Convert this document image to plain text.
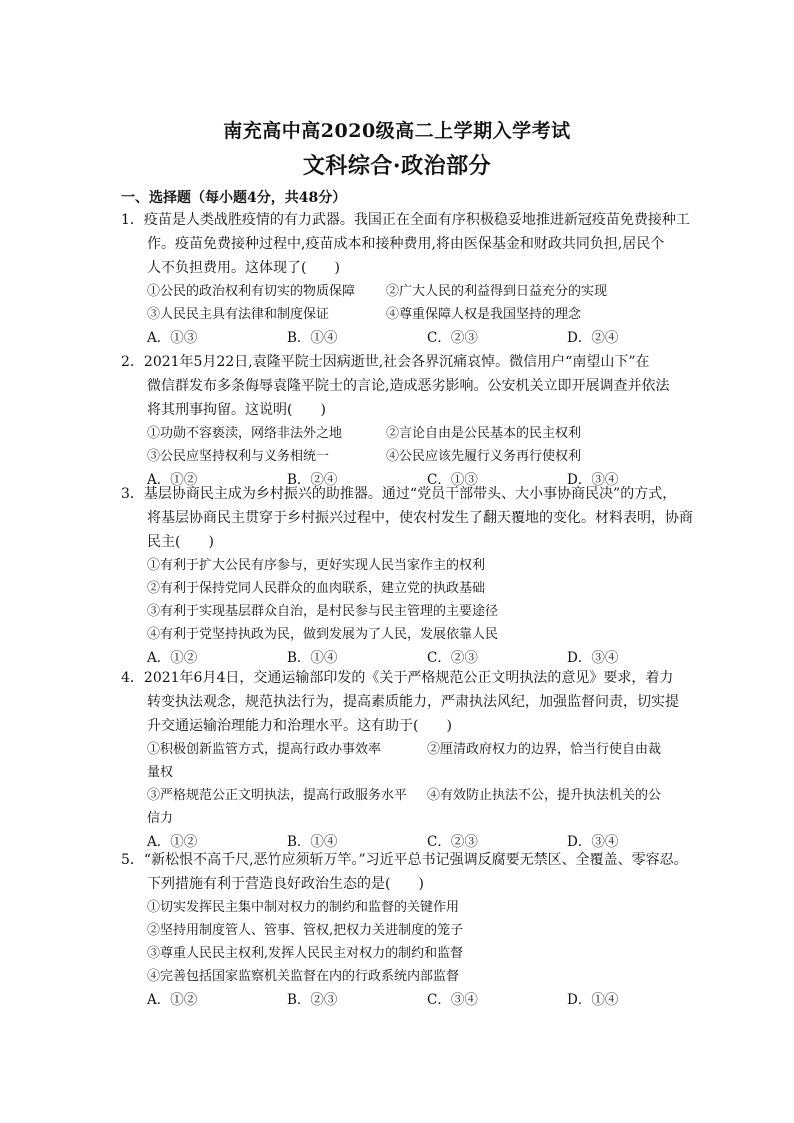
南充高中高2020级高二上学期入学考试
文科综合·政治部分
一、选择题（每小题4分，共48分）
1．疫苗是人类战胜疫情的有力武器。我国正在全面有序积极稳妥地推进新冠疫苗免费接种工
作。疫苗免费接种过程中,疫苗成本和接种费用,将由医保基金和财政共同负担,居民个
人不负担费用。这体现了(　　)
①公民的政治权利有切实的物质保障 ②广大人民的利益得到日益充分的实现
③人民民主具有法律和制度保证	④尊重保障人权是我国坚持的理念
A．①③	B．①④	C．②③	D．②④
2．2021年5月22日,袁隆平院士因病逝世,社会各界沉痛哀悼。微信用户“南望山下”在
微信群发布多条侮辱袁隆平院士的言论,造成恶劣影响。公安机关立即开展调查并依法
将其刑事拘留。这说明(　　)
①功勋不容亵渎，网络非法外之地	②言论自由是公民基本的民主权利
③公民应坚持权利与义务相统一	④公民应该先履行义务再行使权利
A．①②	B．②④	C．①③	D．③④
3．基层协商民主成为乡村振兴的助推器。通过“党员干部带头、大小事协商民决”的方式，
将基层协商民主贯穿于乡村振兴过程中，使农村发生了翻天覆地的变化。材料表明，协商
民主(　　)
①有利于扩大公民有序参与，更好实现人民当家作主的权利
②有利于保持党同人民群众的血肉联系，建立党的执政基础
③有利于实现基层群众自治，是村民参与民主管理的主要途径
④有利于党坚持执政为民，做到发展为了人民，发展依靠人民
A．①②	B．①④	C．②③	D．③④
4．2021年6月4日，交通运输部印发的《关于严格规范公正文明执法的意见》要求，着力
转变执法观念，规范执法行为，提高素质能力，严肃执法风纪，加强监督问责，切实提
升交通运输治理能力和治理水平。这有助于(　　)
①积极创新监管方式，提高行政办事效率	②厘清政府权力的边界，恰当行使自由裁
量权
③严格规范公正文明执法，提高行政服务水平 ④有效防止执法不公，提升执法机关的公
信力
A．①②	B．①④	C．②③	D．③④
5．“新松恨不高千尺,恶竹应须斩万竿。”习近平总书记强调反腐要无禁区、全覆盖、零容忍。
下列措施有利于营造良好政治生态的是(　　)
①切实发挥民主集中制对权力的制约和监督的关键作用
②坚持用制度管人、管事、管权,把权力关进制度的笼子
③尊重人民民主权利,发挥人民民主对权力的制约和监督
④完善包括国家监察机关监督在内的行政系统内部监督
A．①②	B．②③	C．③④	D．①④
